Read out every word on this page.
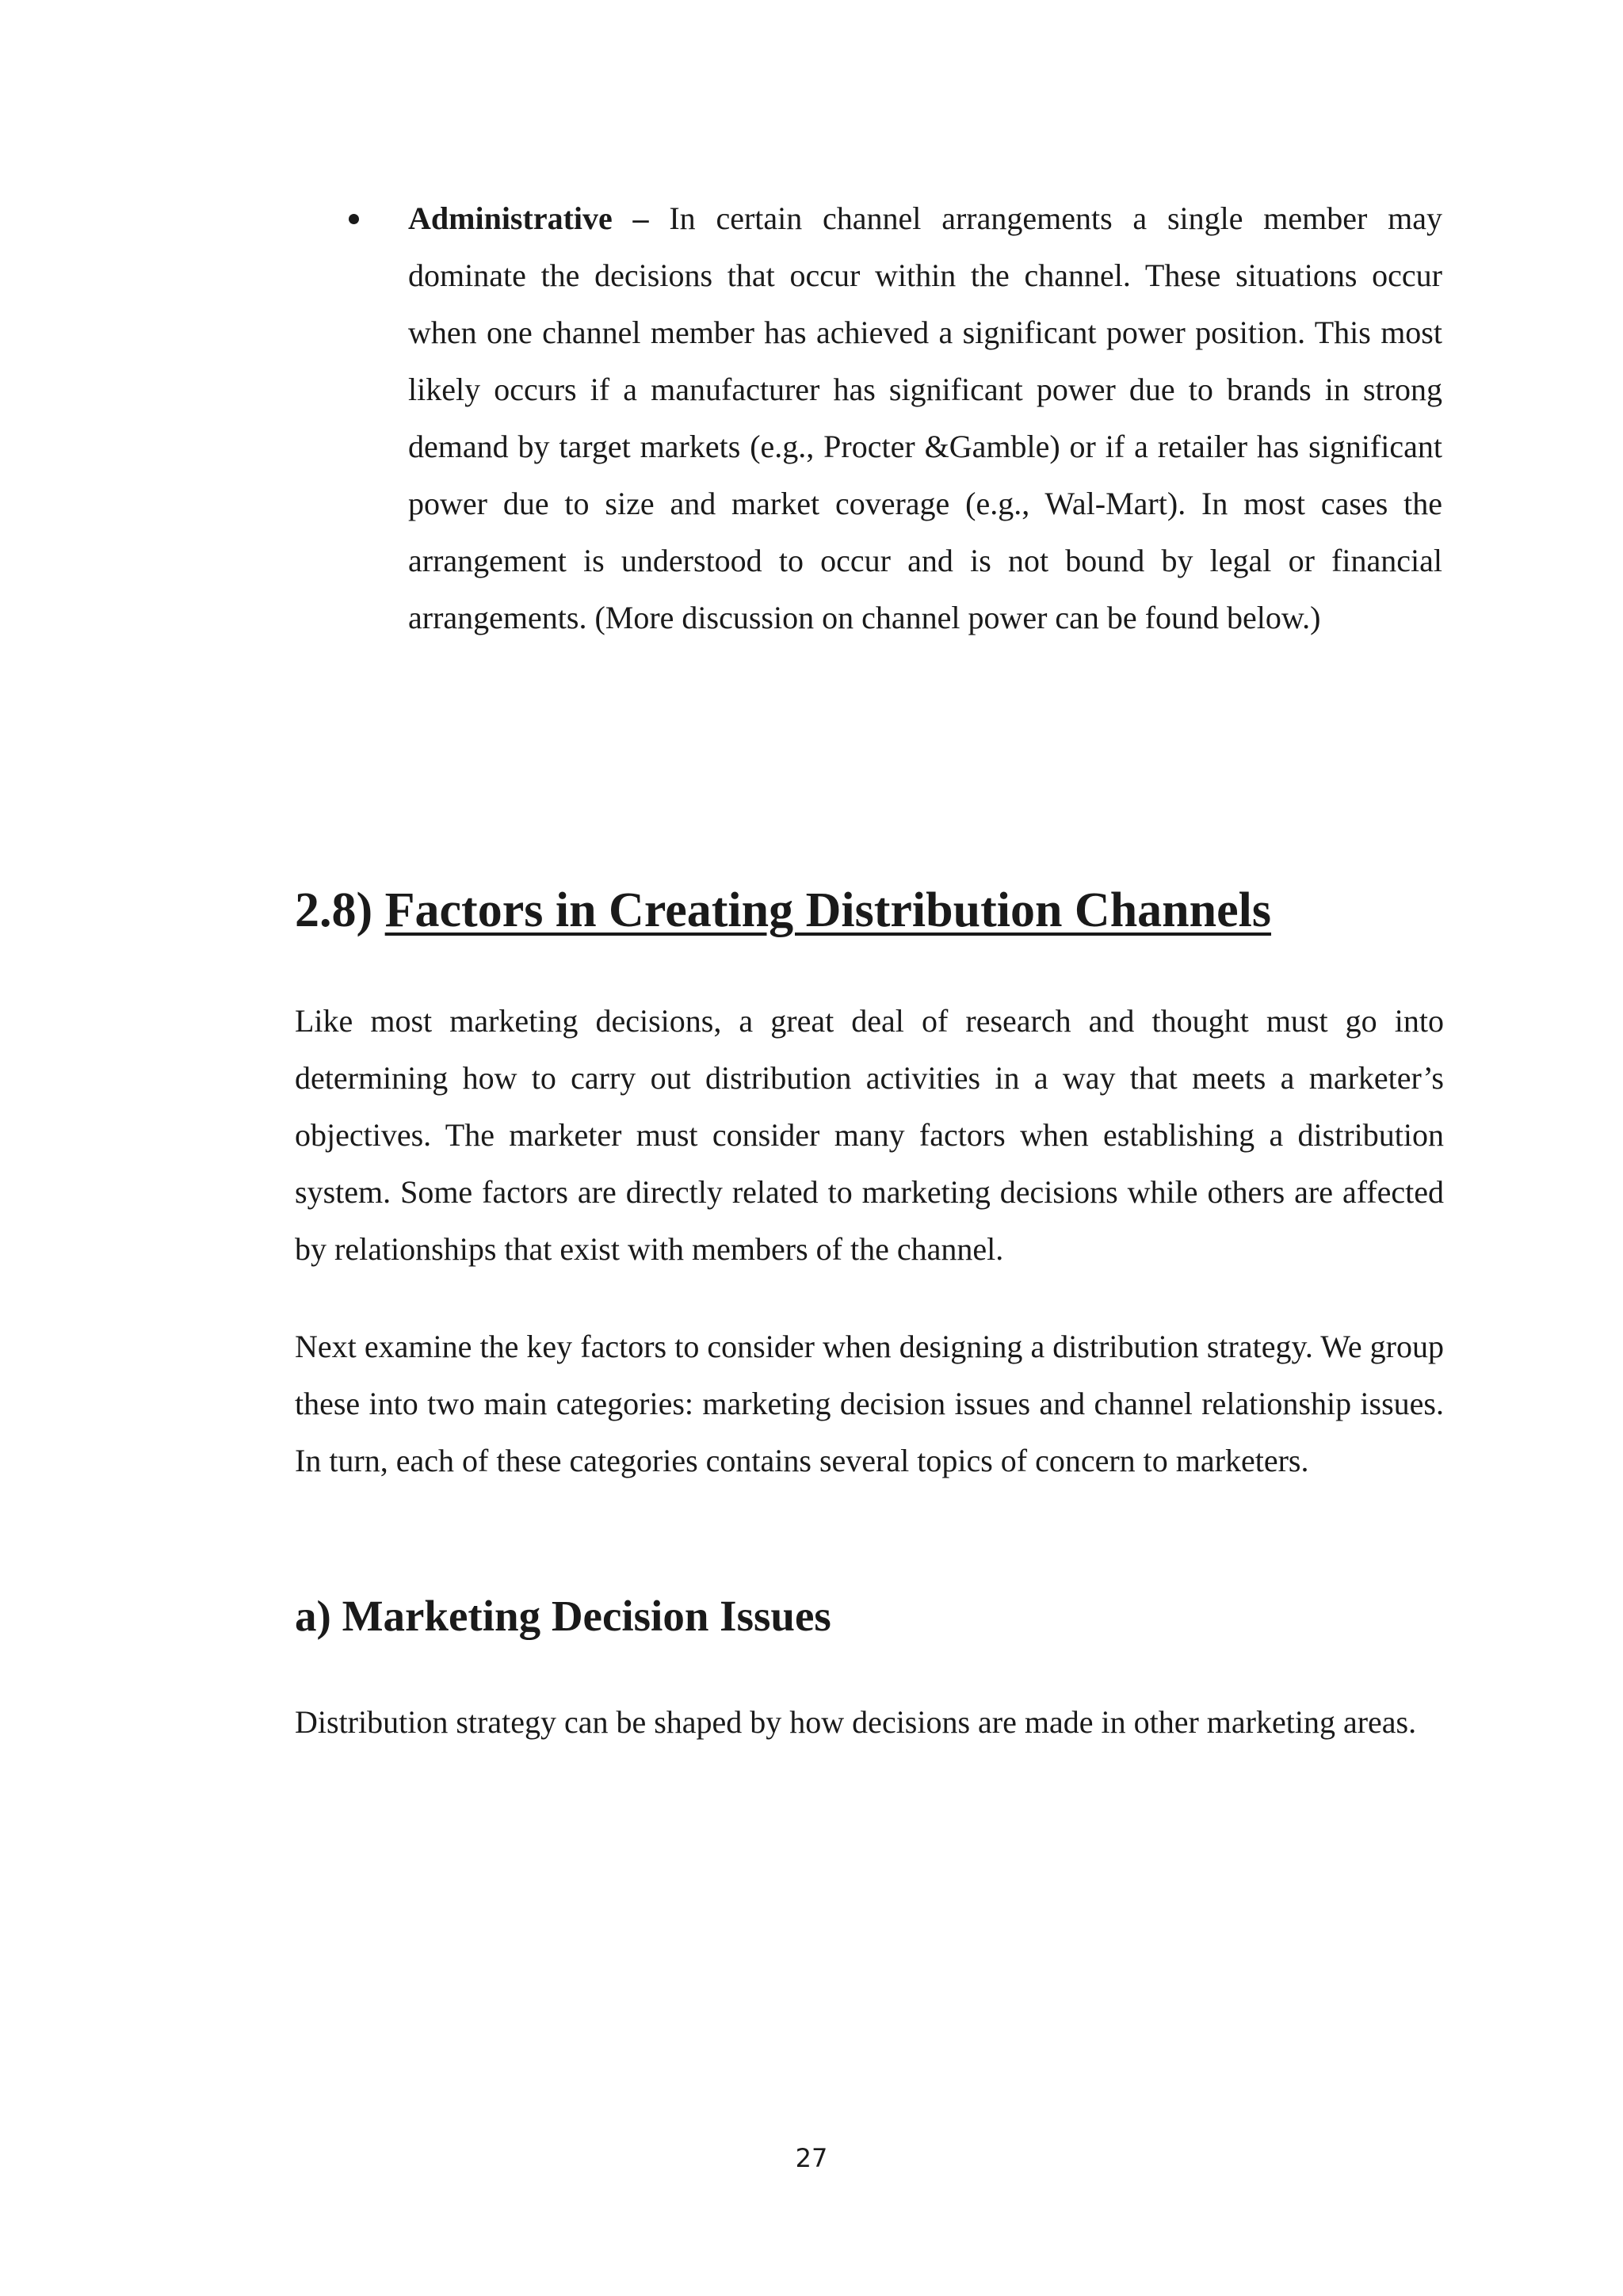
Administrative – In certain channel arrangements a single member may dominate the decisions that occur within the channel. These situations occur when one channel member has achieved a significant power position. This most likely occurs if a manufacturer has significant power due to brands in strong demand by target markets (e.g., Procter &Gamble) or if a retailer has significant power due to size and market coverage (e.g., Wal-Mart). In most cases the arrangement is understood to occur and is not bound by legal or financial arrangements. (More discussion on channel power can be found below.)

2.8) Factors in Creating Distribution Channels

Like most marketing decisions, a great deal of research and thought must go into determining how to carry out distribution activities in a way that meets a marketer’s objectives. The marketer must consider many factors when establishing a distribution system. Some factors are directly related to marketing decisions while others are affected by relationships that exist with members of the channel.

Next examine the key factors to consider when designing a distribution strategy. We group these into two main categories: marketing decision issues and channel relationship issues. In turn, each of these categories contains several topics of concern to marketers.

a) Marketing Decision Issues

Distribution strategy can be shaped by how decisions are made in other marketing areas.

27
